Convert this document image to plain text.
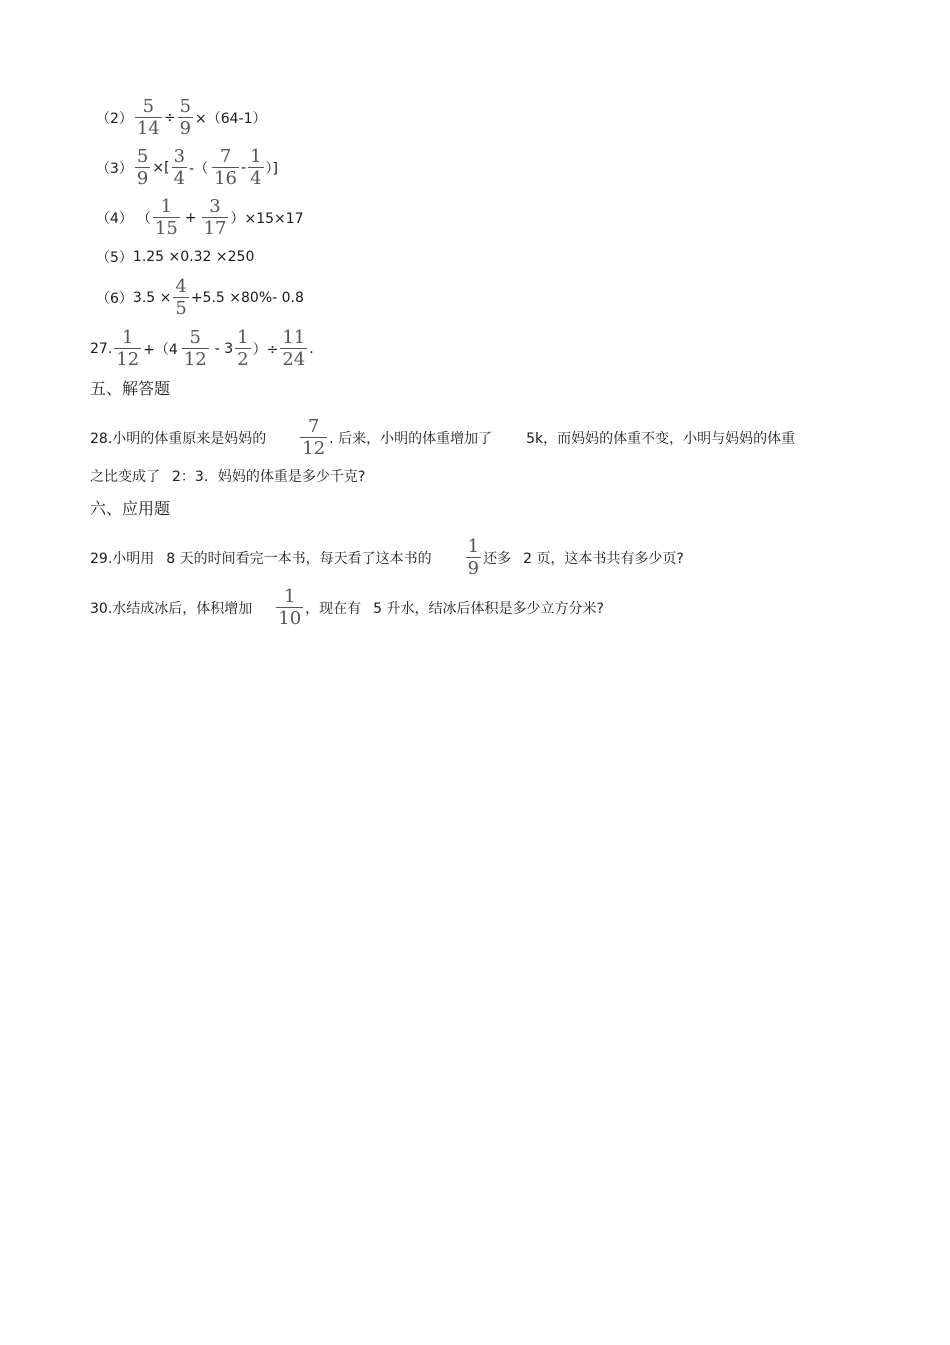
$(2) \frac{5}{14} \div \frac{5}{9} \times(64-1)$
$(3) \frac{5}{9}$ ×[ $\frac{3}{4}$ -（ $\frac{7}{16} - \frac{1}{4}$ ）]
（4） （ $\frac{1}{15} + \frac{3}{17} )\times 15\times 17$
（5） 1.25 ×0.32 ×250
（6） $3.5 \times \frac{4}{5} +5.5 \times 80\%-$ 0.8
27. $\frac{1}{12} +(4 \frac{5}{12} - 3 \frac{1}{2}$ ）÷ $\frac{11}{24}$ .
五、解答题
28.小明的体重原来是妈妈的 $\frac{7}{12}$ . 后来，小明的体重增加了 5k，而妈妈的体重不变，小明与妈妈的体重
之比变成了 2：3．妈妈的体重是多少千克?
六、应用题
29.小明用 8 天的时间看完一本书，每天看了这本书的 $\frac{1}{9}$ 还多 2 页，这本书共有多少页?
30.水结成冰后，体积增加 $\frac{1}{10}$ ，现在有 5 升水，结冰后体积是多少立方分米?
